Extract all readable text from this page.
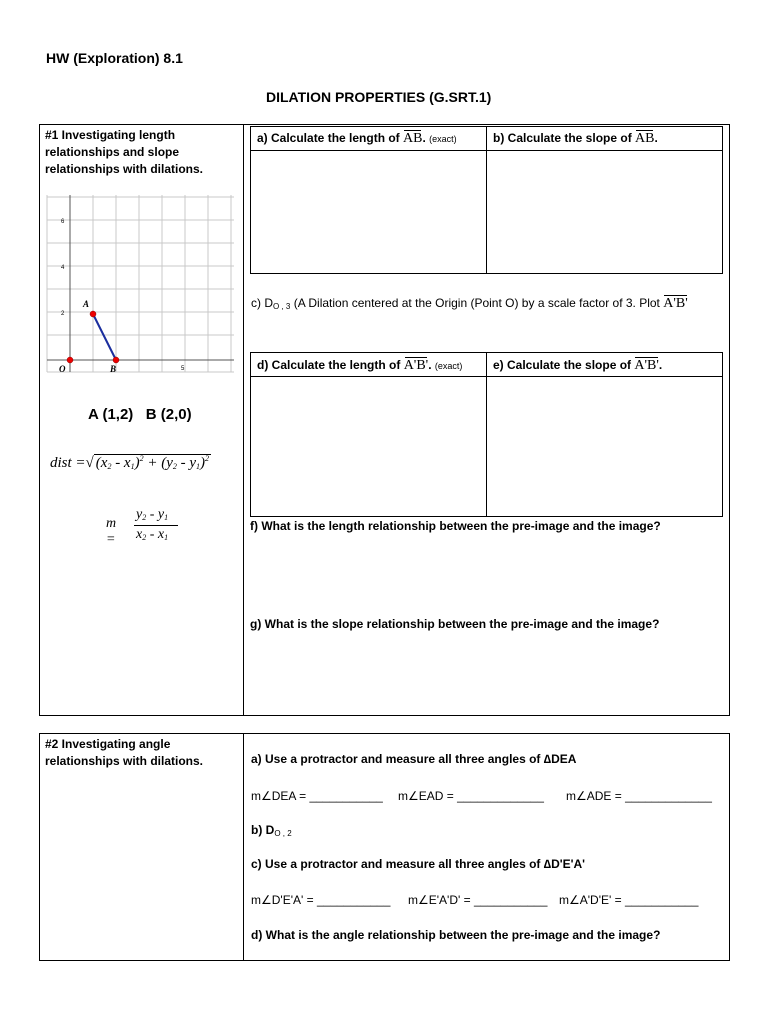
HW (Exploration) 8.1
DILATION PROPERTIES (G.SRT.1)
#1 Investigating length relationships and slope relationships with dilations.
6
4
2
5
A
B
O
A (1,2)   B (2,0)
dist =√ $(x_2 - x_1)^2 + (y_2 - y_1)^2$
m =
$y_2 - y_1$
$x_2 - x_1$
a) Calculate the length of AB. (exact)	b) Calculate the slope of AB.
c) $D_{O , 3}$ (A Dilation centered at the Origin (Point O) by a scale factor of 3. Plot A'B'
d) Calculate the length of A'B'. (exact)	e) Calculate the slope of A'B'.
f) What is the length relationship between the pre-image and the image?
g) What is the slope relationship between the pre-image and the image?
#2 Investigating angle relationships with dilations.	a) Use a protractor and measure all three angles of ∆DEA
m∠DEA = ___________ m∠EAD = _____________ m∠ADE = _____________
b) $D_{O , 2}$
c) Use a protractor and measure all three angles of ∆D'E'A'
m∠D'E'A' = ___________ m∠E'A'D' = ___________ m∠A'D'E' = ___________
d) What is the angle relationship between the pre-image and the image?
